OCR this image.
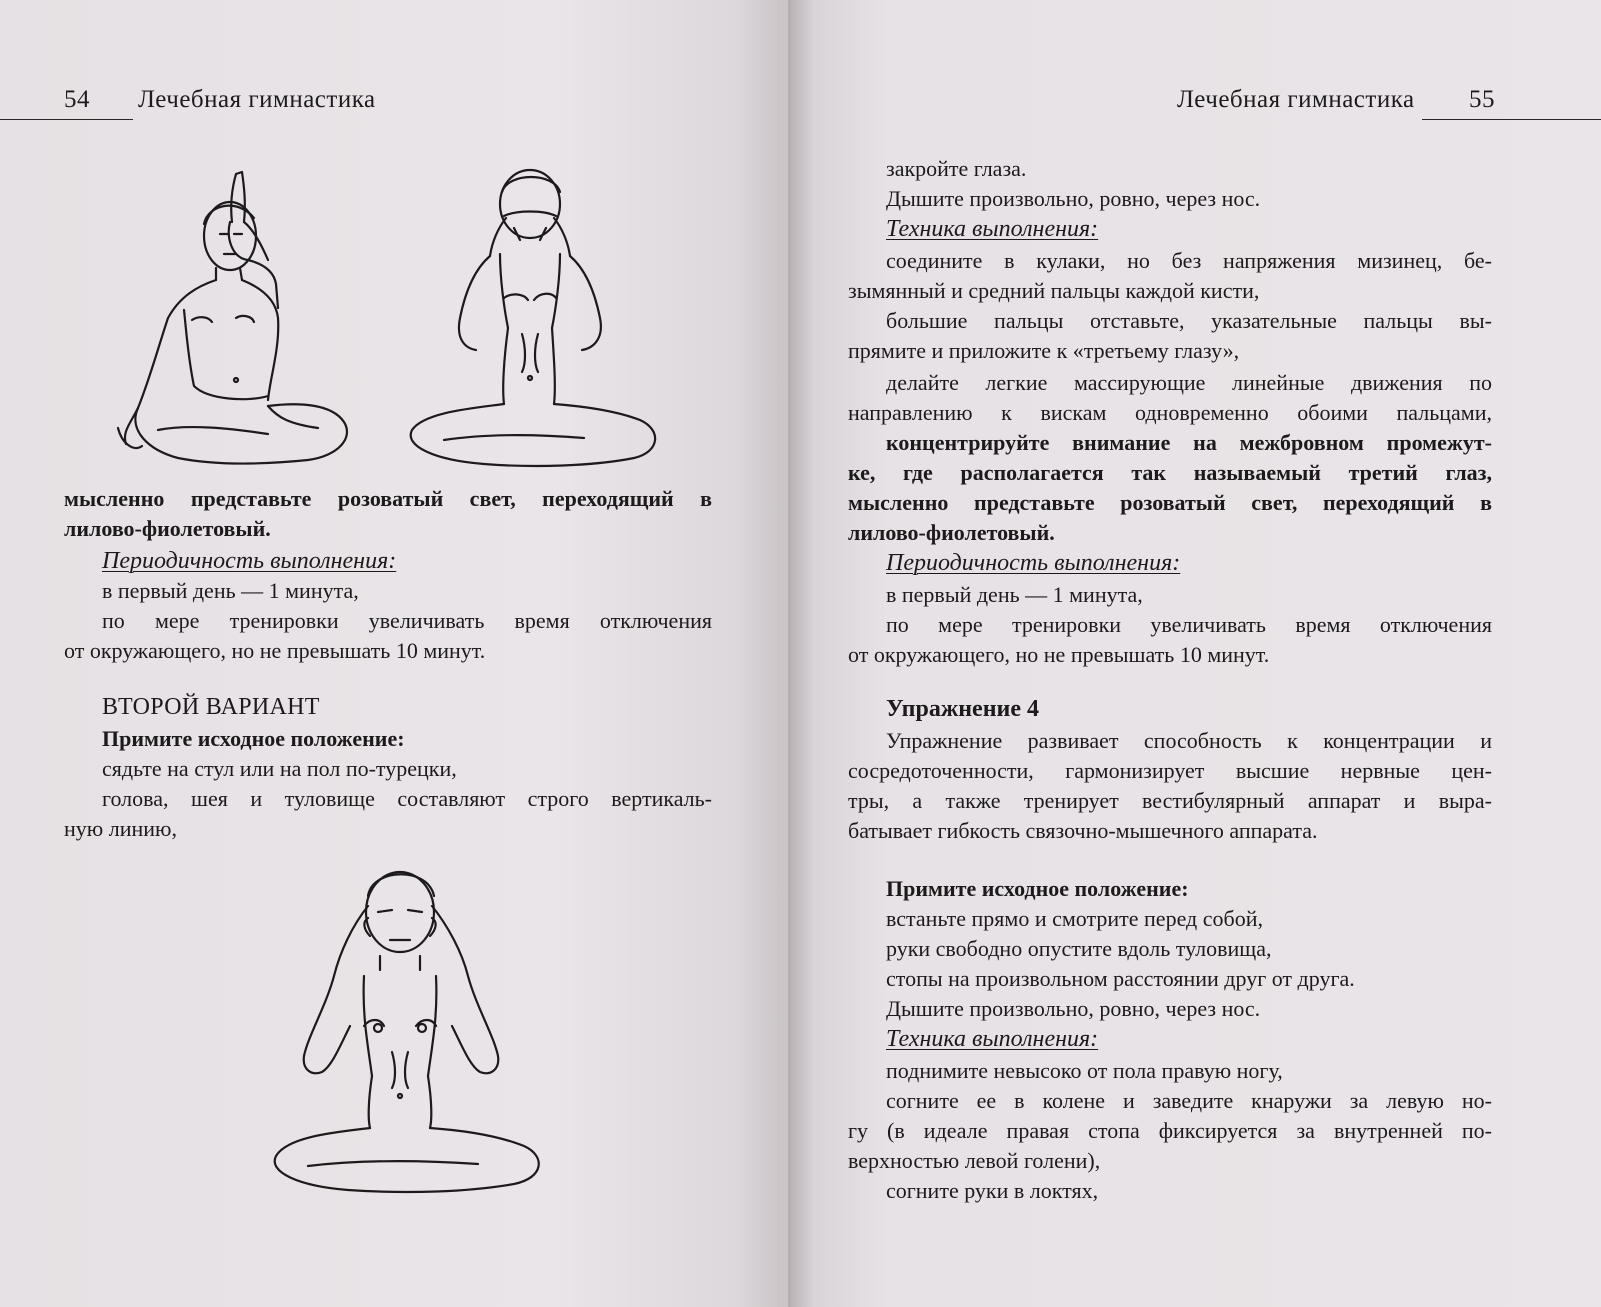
54 Лечебная гимнастика

мысленно представьте розоватый свет, переходящий в

лилово-фиолетовый.

Периодичность выполнения:

в первый день — 1 минута,

по мере тренировки увеличивать время отключения

от окружающего, но не превышать 10 минут.

ВТОРОЙ ВАРИАНТ
Примите исходное положение:
сядьте на стул или на пол по-турецки,

голова, шея и туловище составляют строго вертикаль-

ную линию,
Лечебная гимнастика 55
закройте глаза.
Дышите произвольно, ровно, через нос.
Техника выполнения:

соедините в кулаки, но без напряжения мизинец, бе-

зымянный и средний пальцы каждой кисти,

большие пальцы отставьте, указательные пальцы вы-

прямите и приложите к «третьему глазу»,

делайте легкие массирующие линейные движения по

направлению к вискам одновременно обоими пальцами,

концентрируйте внимание на межбровном промежут-

ке, где располагается так называемый третий глаз,

мысленно представьте розоватый свет, переходящий в

лилово-фиолетовый.
Периодичность выполнения:
в первый день — 1 минута,

по мере тренировки увеличивать время отключения

от окружающего, но не превышать 10 минут.
Упражнение 4

Упражнение развивает способность к концентрации и

сосредоточенности, гармонизирует высшие нервные цен-

тры, а также тренирует вестибулярный аппарат и выра-

батывает гибкость связочно-мышечного аппарата.
Примите исходное положение:
встаньте прямо и смотрите перед собой,
руки свободно опустите вдоль туловища,
стопы на произвольном расстоянии друг от друга.
Дышите произвольно, ровно, через нос.
Техника выполнения:
поднимите невысоко от пола правую ногу,

согните ее в колене и заведите кнаружи за левую но-

гу (в идеале правая стопа фиксируется за внутренней по-

верхностью левой голени),
согните руки в локтях,
